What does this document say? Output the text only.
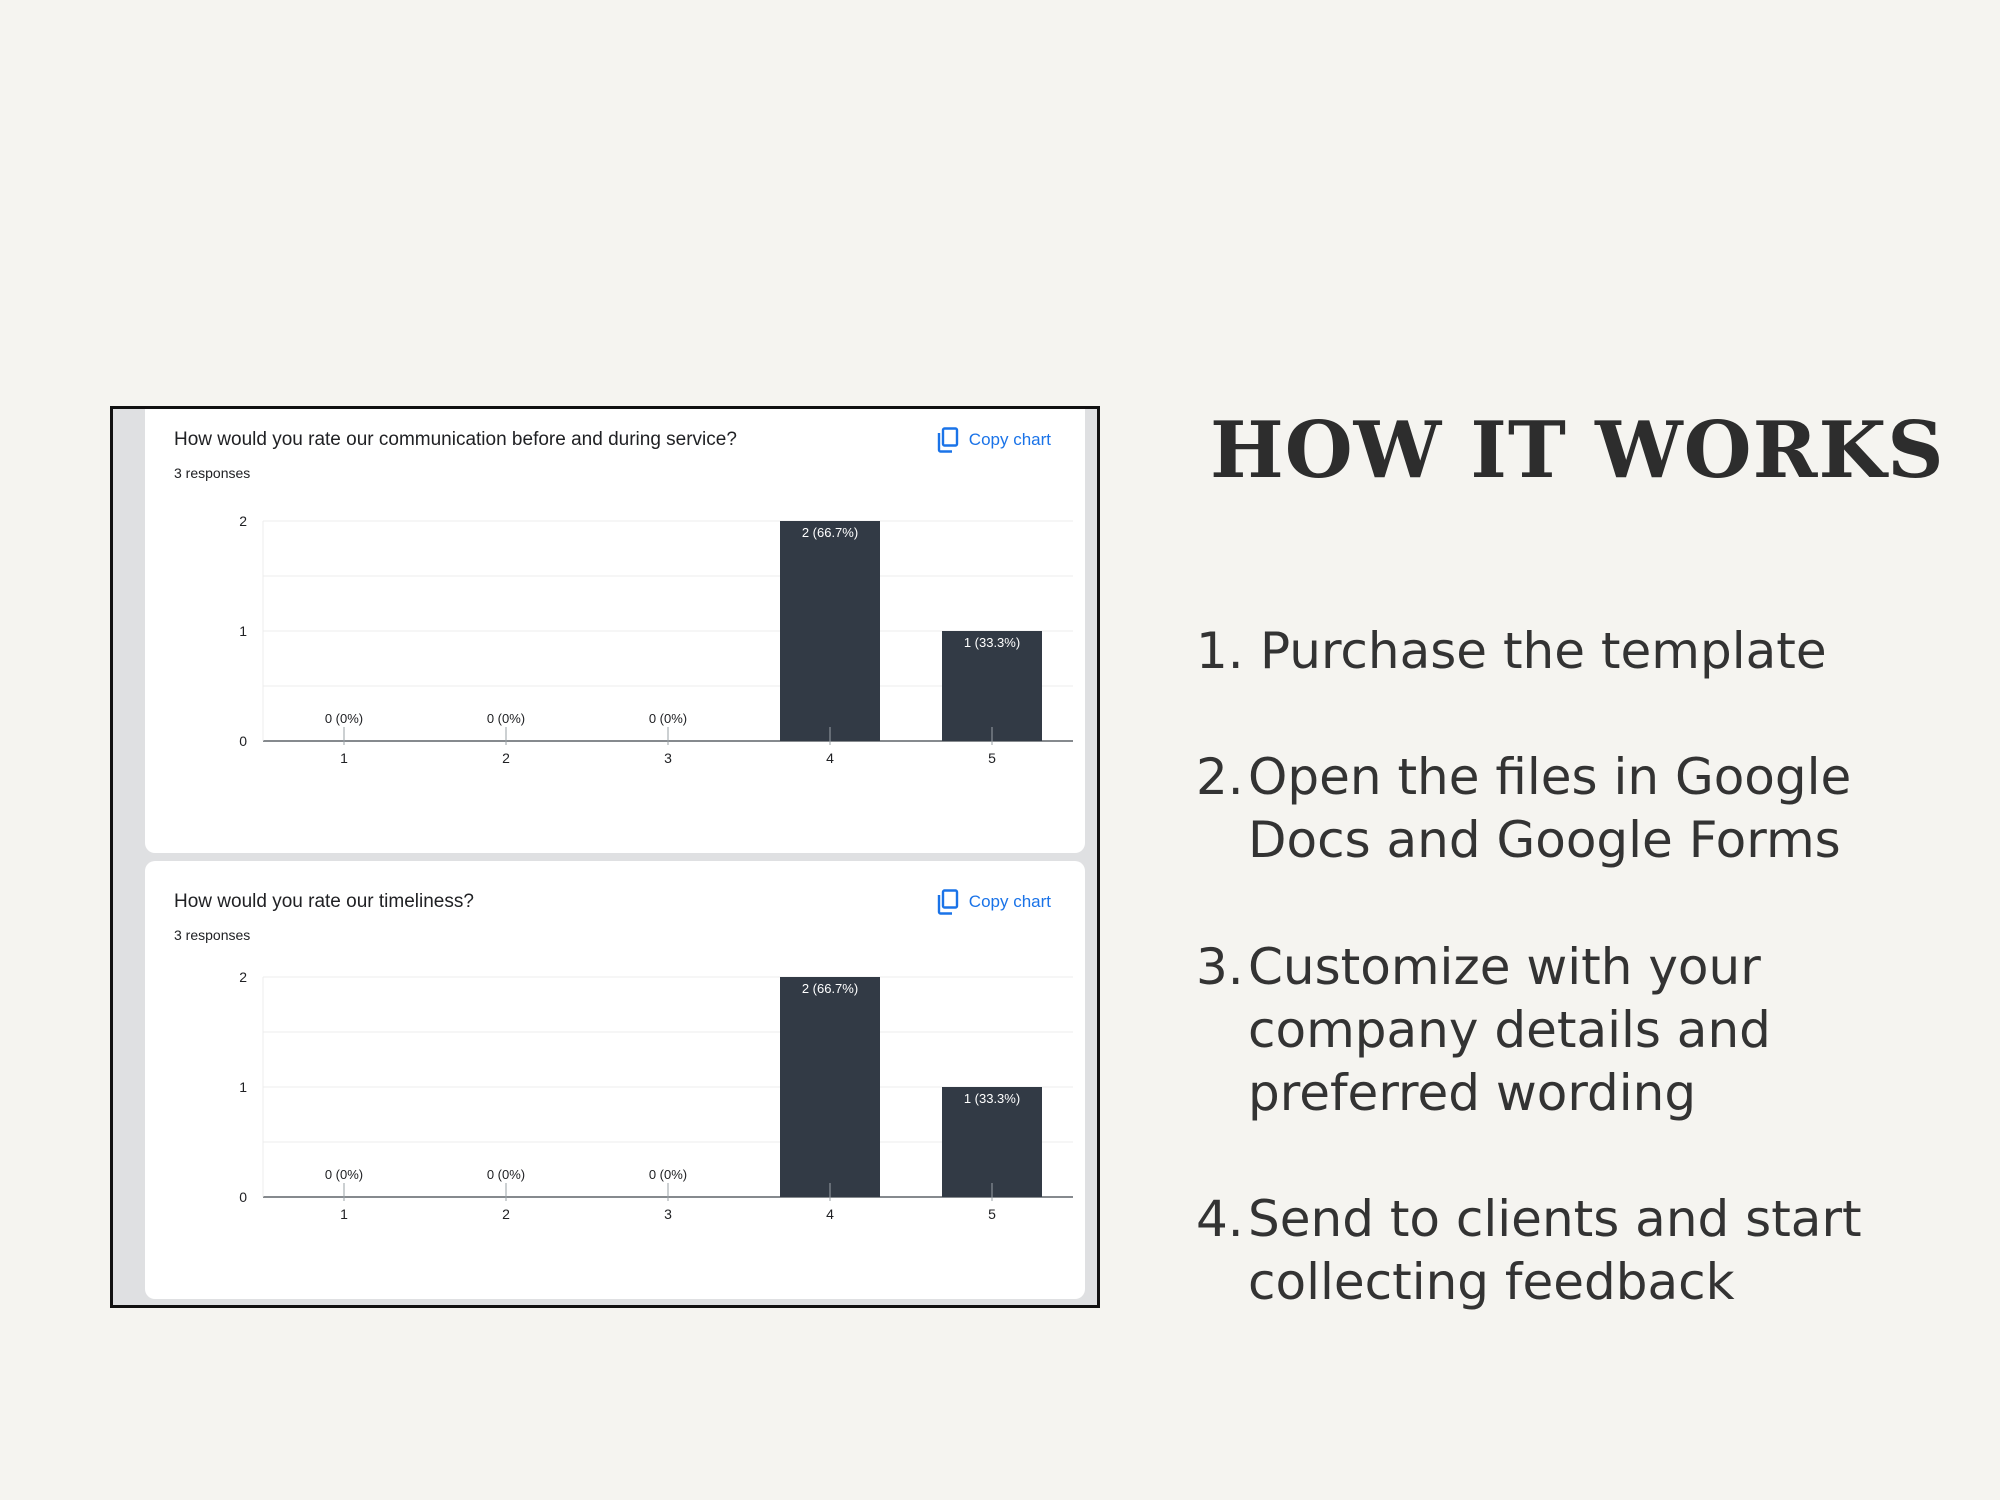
How would you rate our communication before and during service?
3 responses
Copy chart
0
1
2
0 (0%)
1
0 (0%)
2
0 (0%)
3
2 (66.7%)
4
1 (33.3%)
5
How would you rate our timeliness?
3 responses
Copy chart
0
1
2
0 (0%)
1
0 (0%)
2
0 (0%)
3
2 (66.7%)
4
1 (33.3%)
5
HOW IT WORKS
1. Purchase the template
2. Open the files in Google Docs and Google Forms
3. Customize with your company details and preferred wording
4. Send to clients and start collecting feedback
